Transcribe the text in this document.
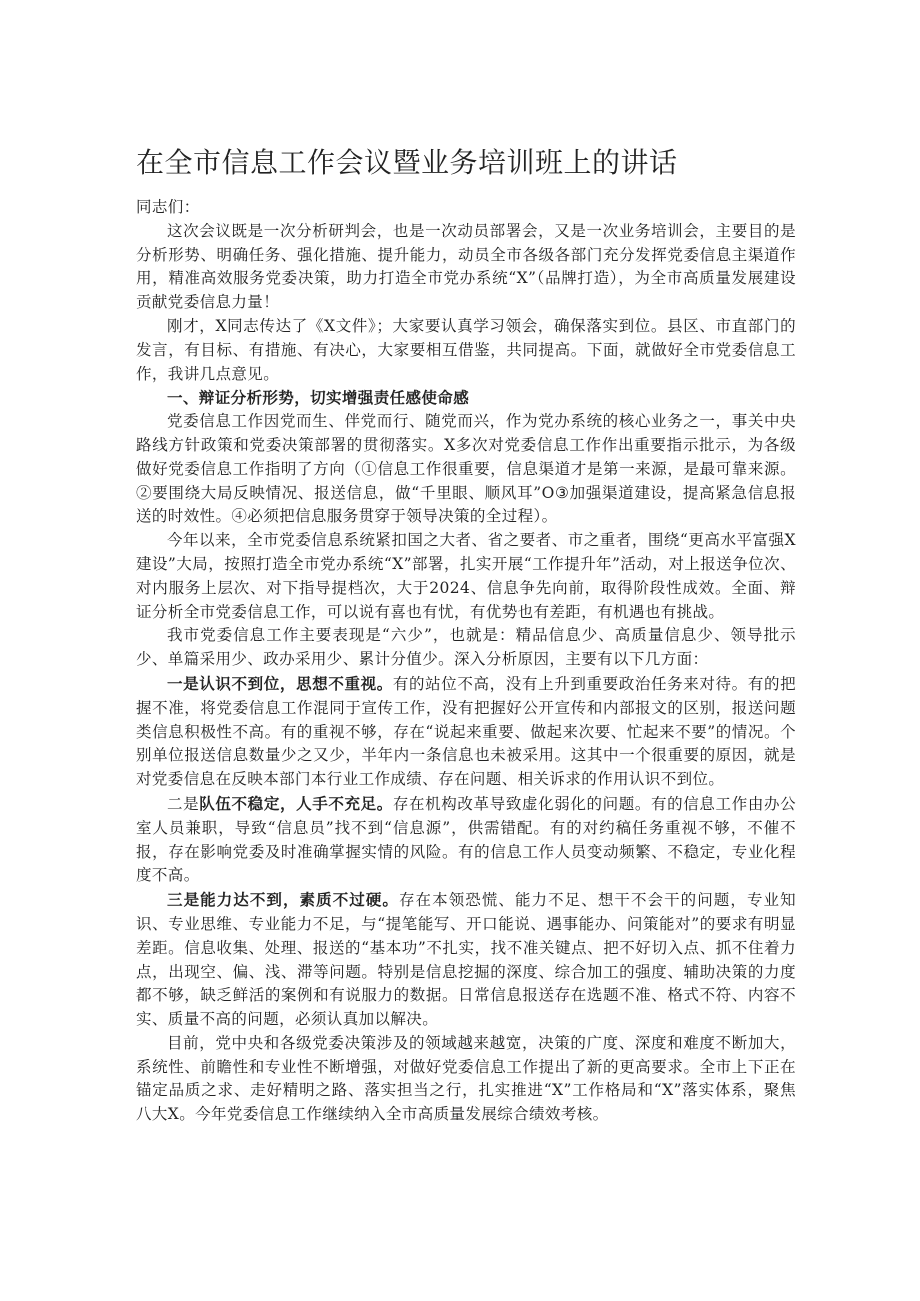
在全市信息工作会议暨业务培训班上的讲话

同志们：

这次会议既是一次分析研判会，也是一次动员部署会，又是一次业务培训会，主要目的是分析形势、明确任务、强化措施、提升能力，动员全市各级各部门充分发挥党委信息主渠道作用，精准高效服务党委决策，助力打造全市党办系统“X”（品牌打造），为全市高质量发展建设贡献党委信息力量！

刚才，X同志传达了《X文件》；大家要认真学习领会，确保落实到位。县区、市直部门的发言，有目标、有措施、有决心，大家要相互借鉴，共同提高。下面，就做好全市党委信息工作，我讲几点意见。

一、辩证分析形势，切实增强责任感使命感

党委信息工作因党而生、伴党而行、随党而兴，作为党办系统的核心业务之一，事关中央路线方针政策和党委决策部署的贯彻落实。X多次对党委信息工作作出重要指示批示，为各级做好党委信息工作指明了方向（①信息工作很重要，信息渠道才是第一来源，是最可靠来源。②要围绕大局反映情况、报送信息，做“千里眼、顺风耳”O③加强渠道建设，提高紧急信息报送的时效性。④必须把信息服务贯穿于领导决策的全过程）。

今年以来，全市党委信息系统紧扣国之大者、省之要者、市之重者，围绕“更高水平富强X建设”大局，按照打造全市党办系统“X”部署，扎实开展“工作提升年”活动，对上报送争位次、对内服务上层次、对下指导提档次，大于2024、信息争先向前，取得阶段性成效。全面、辩证分析全市党委信息工作，可以说有喜也有忧，有优势也有差距，有机遇也有挑战。

我市党委信息工作主要表现是“六少”，也就是：精品信息少、高质量信息少、领导批示少、单篇采用少、政办采用少、累计分值少。深入分析原因，主要有以下几方面：

一是认识不到位，思想不重视。有的站位不高，没有上升到重要政治任务来对待。有的把握不准，将党委信息工作混同于宣传工作，没有把握好公开宣传和内部报文的区别，报送问题类信息积极性不高。有的重视不够，存在“说起来重要、做起来次要、忙起来不要”的情况。个别单位报送信息数量少之又少，半年内一条信息也未被采用。这其中一个很重要的原因，就是对党委信息在反映本部门本行业工作成绩、存在问题、相关诉求的作用认识不到位。

二是队伍不稳定，人手不充足。存在机构改革导致虚化弱化的问题。有的信息工作由办公室人员兼职，导致“信息员”找不到“信息源”，供需错配。有的对约稿任务重视不够，不催不报，存在影响党委及时准确掌握实情的风险。有的信息工作人员变动频繁、不稳定，专业化程度不高。

三是能力达不到，素质不过硬。存在本领恐慌、能力不足、想干不会干的问题，专业知识、专业思维、专业能力不足，与“提笔能写、开口能说、遇事能办、问策能对”的要求有明显差距。信息收集、处理、报送的“基本功”不扎实，找不准关键点、把不好切入点、抓不住着力点，出现空、偏、浅、滞等问题。特别是信息挖掘的深度、综合加工的强度、辅助决策的力度都不够，缺乏鲜活的案例和有说服力的数据。日常信息报送存在选题不准、格式不符、内容不实、质量不高的问题，必须认真加以解决。

目前，党中央和各级党委决策涉及的领域越来越宽，决策的广度、深度和难度不断加大，系统性、前瞻性和专业性不断增强，对做好党委信息工作提出了新的更高要求。全市上下正在锚定品质之求、走好精明之路、落实担当之行，扎实推进“X”工作格局和“X”落实体系，聚焦八大X。今年党委信息工作继续纳入全市高质量发展综合绩效考核。
